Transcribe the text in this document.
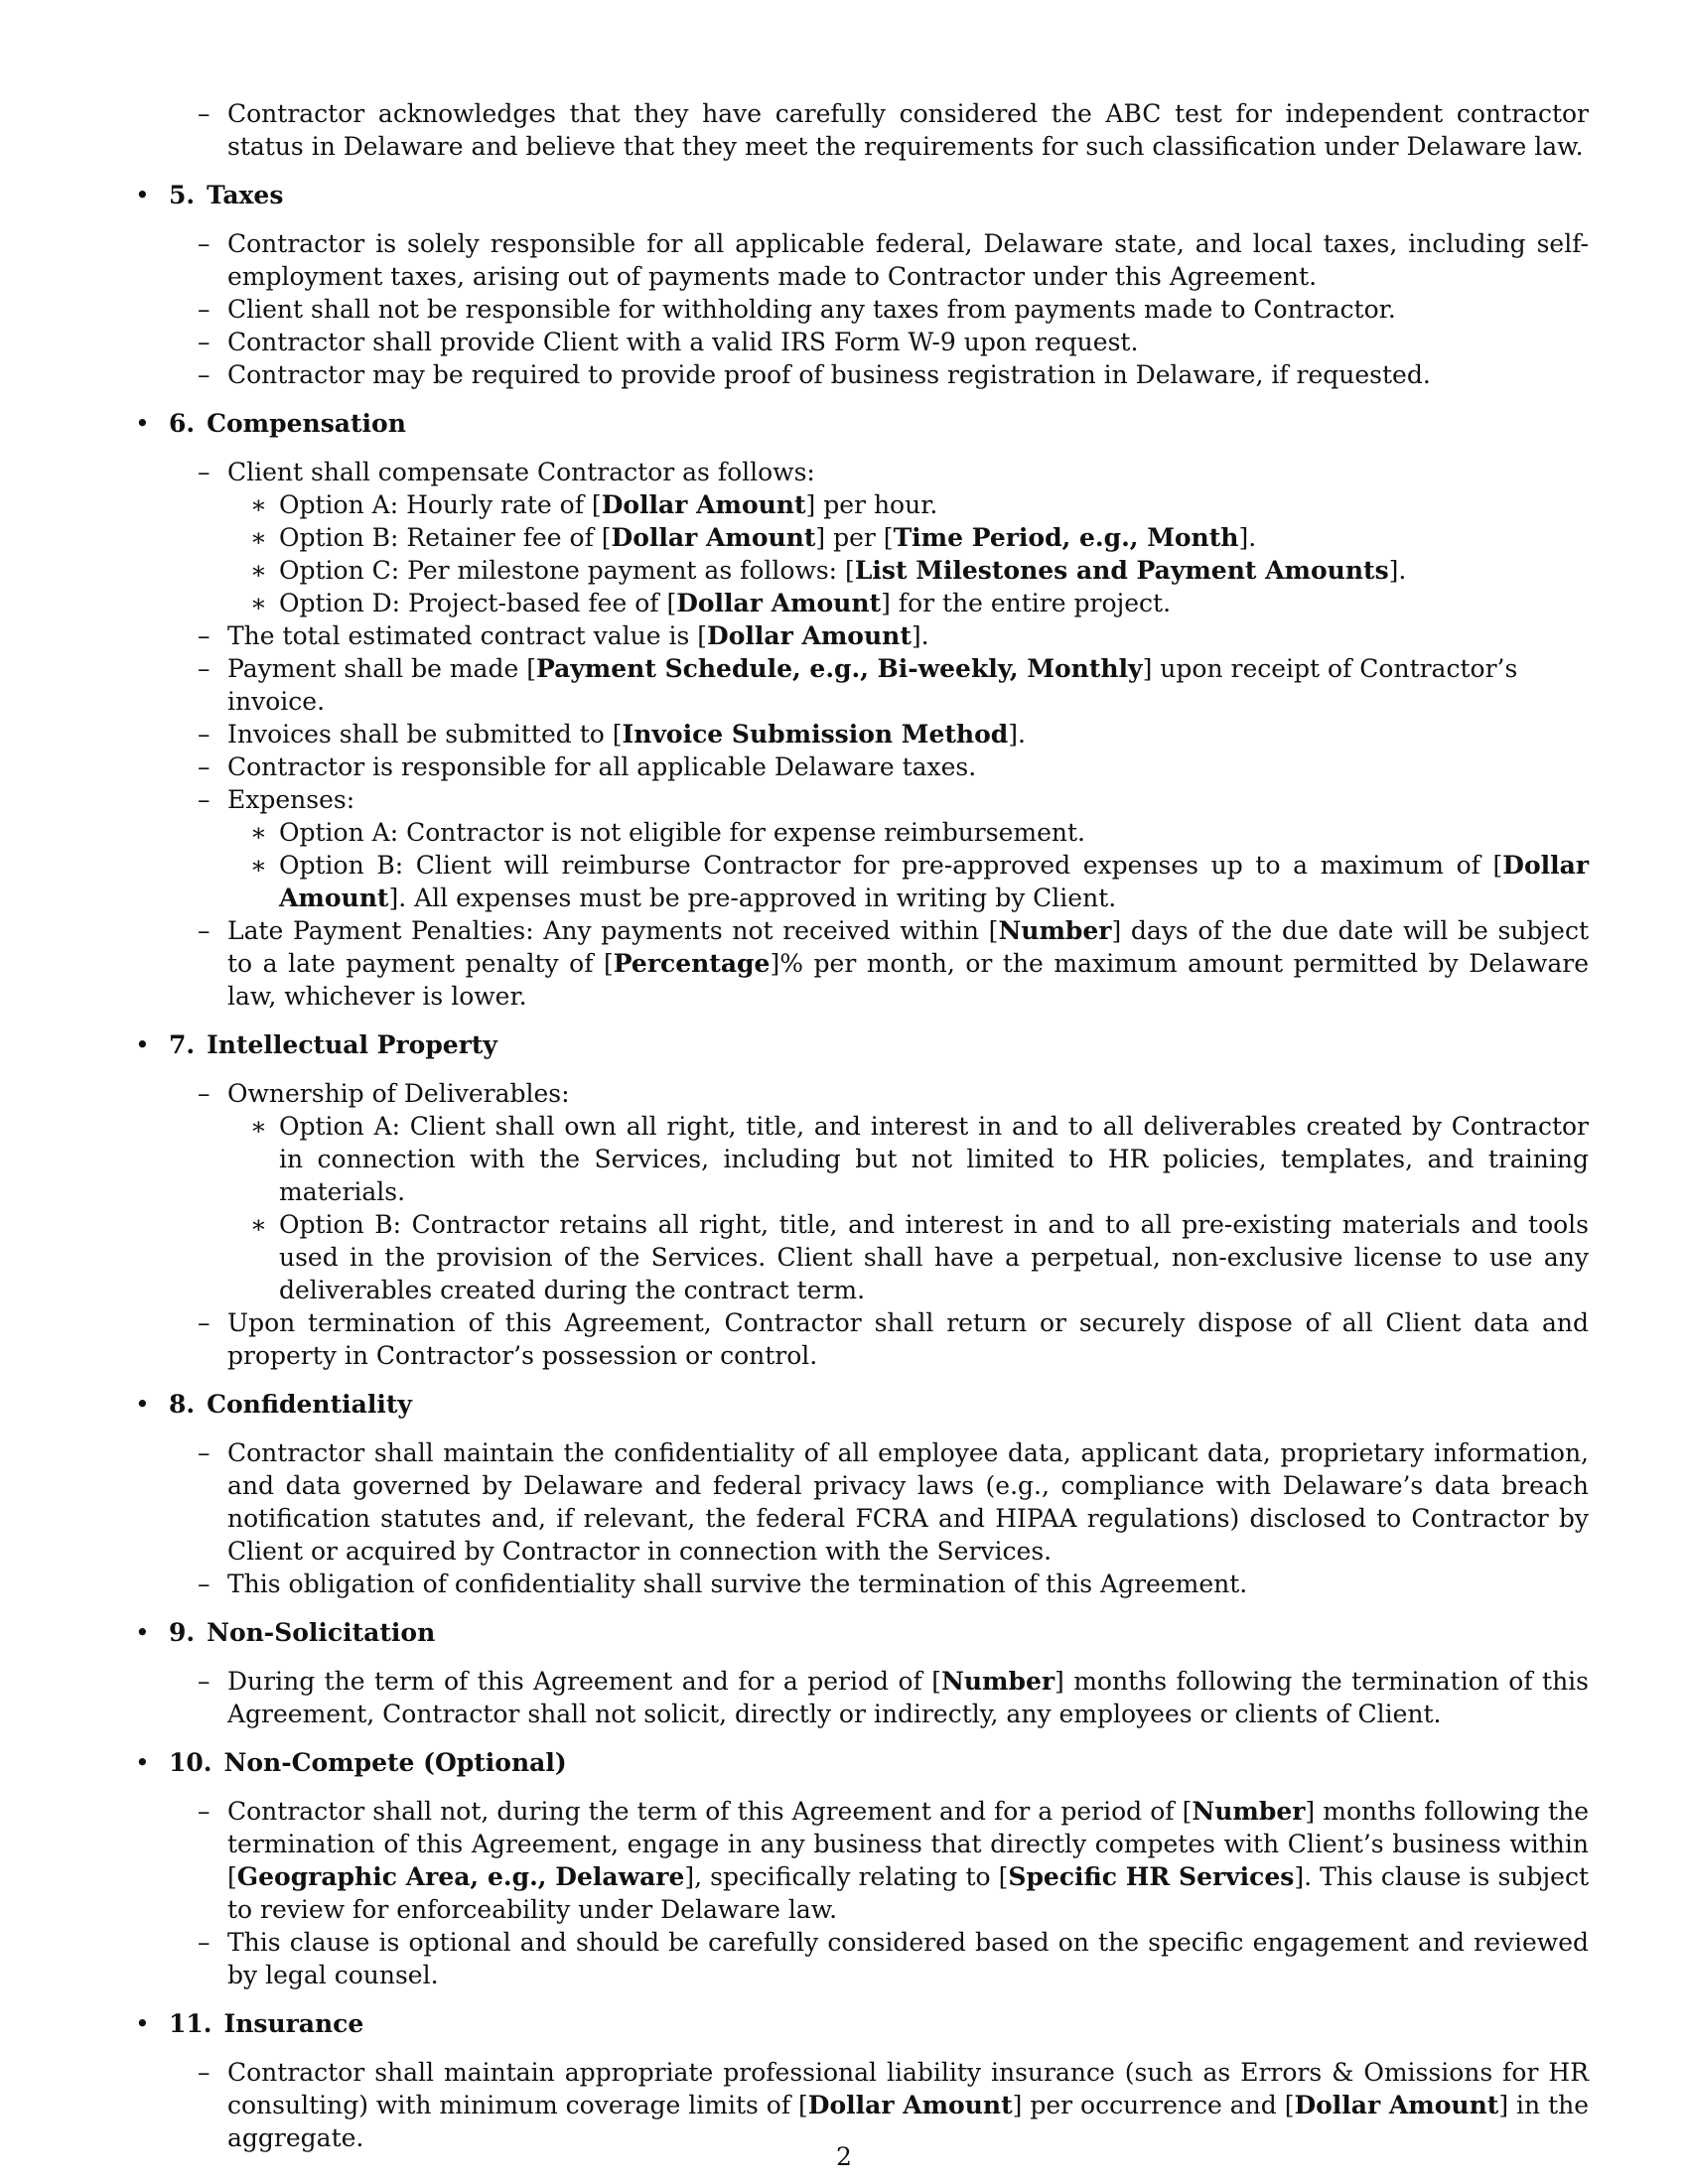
– Contractor acknowledges that they have carefully considered the ABC test for independent contractor status in Delaware and believe that they meet the requirements for such classification under Delaware law.
• 5. Taxes
– Contractor is solely responsible for all applicable federal, Delaware state, and local taxes, including self-employment taxes, arising out of payments made to Contractor under this Agreement.
– Client shall not be responsible for withholding any taxes from payments made to Contractor.
– Contractor shall provide Client with a valid IRS Form W-9 upon request.
– Contractor may be required to provide proof of business registration in Delaware, if requested.
• 6. Compensation
– Client shall compensate Contractor as follows:
∗ Option A: Hourly rate of [Dollar Amount] per hour.
∗ Option B: Retainer fee of [Dollar Amount] per [Time Period, e.g., Month].
∗ Option C: Per milestone payment as follows: [List Milestones and Payment Amounts].
∗ Option D: Project-based fee of [Dollar Amount] for the entire project.
– The total estimated contract value is [Dollar Amount].
– Payment shall be made [Payment Schedule, e.g., Bi-weekly, Monthly] upon receipt of Contractor’s invoice.
– Invoices shall be submitted to [Invoice Submission Method].
– Contractor is responsible for all applicable Delaware taxes.
– Expenses:
∗ Option A: Contractor is not eligible for expense reimbursement.
∗ Option B: Client will reimburse Contractor for pre-approved expenses up to a maximum of [Dollar Amount]. All expenses must be pre-approved in writing by Client.
– Late Payment Penalties: Any payments not received within [Number] days of the due date will be subject to a late payment penalty of [Percentage]% per month, or the maximum amount permitted by Delaware law, whichever is lower.
• 7. Intellectual Property
– Ownership of Deliverables:
∗ Option A: Client shall own all right, title, and interest in and to all deliverables created by Contractor in connection with the Services, including but not limited to HR policies, templates, and training materials.
∗ Option B: Contractor retains all right, title, and interest in and to all pre-existing materials and tools used in the provision of the Services. Client shall have a perpetual, non-exclusive license to use any deliverables created during the contract term.
– Upon termination of this Agreement, Contractor shall return or securely dispose of all Client data and property in Contractor’s possession or control.
• 8. Confidentiality
– Contractor shall maintain the confidentiality of all employee data, applicant data, proprietary information, and data governed by Delaware and federal privacy laws (e.g., compliance with Delaware’s data breach notification statutes and, if relevant, the federal FCRA and HIPAA regulations) disclosed to Contractor by Client or acquired by Contractor in connection with the Services.
– This obligation of confidentiality shall survive the termination of this Agreement.
• 9. Non-Solicitation
– During the term of this Agreement and for a period of [Number] months following the termination of this Agreement, Contractor shall not solicit, directly or indirectly, any employees or clients of Client.
• 10. Non-Compete (Optional)
– Contractor shall not, during the term of this Agreement and for a period of [Number] months following the termination of this Agreement, engage in any business that directly competes with Client’s business within [Geographic Area, e.g., Delaware], specifically relating to [Specific HR Services]. This clause is subject to review for enforceability under Delaware law.
– This clause is optional and should be carefully considered based on the specific engagement and reviewed by legal counsel.
• 11. Insurance
– Contractor shall maintain appropriate professional liability insurance (such as Errors & Omissions for HR consulting) with minimum coverage limits of [Dollar Amount] per occurrence and [Dollar Amount] in the aggregate.
2
